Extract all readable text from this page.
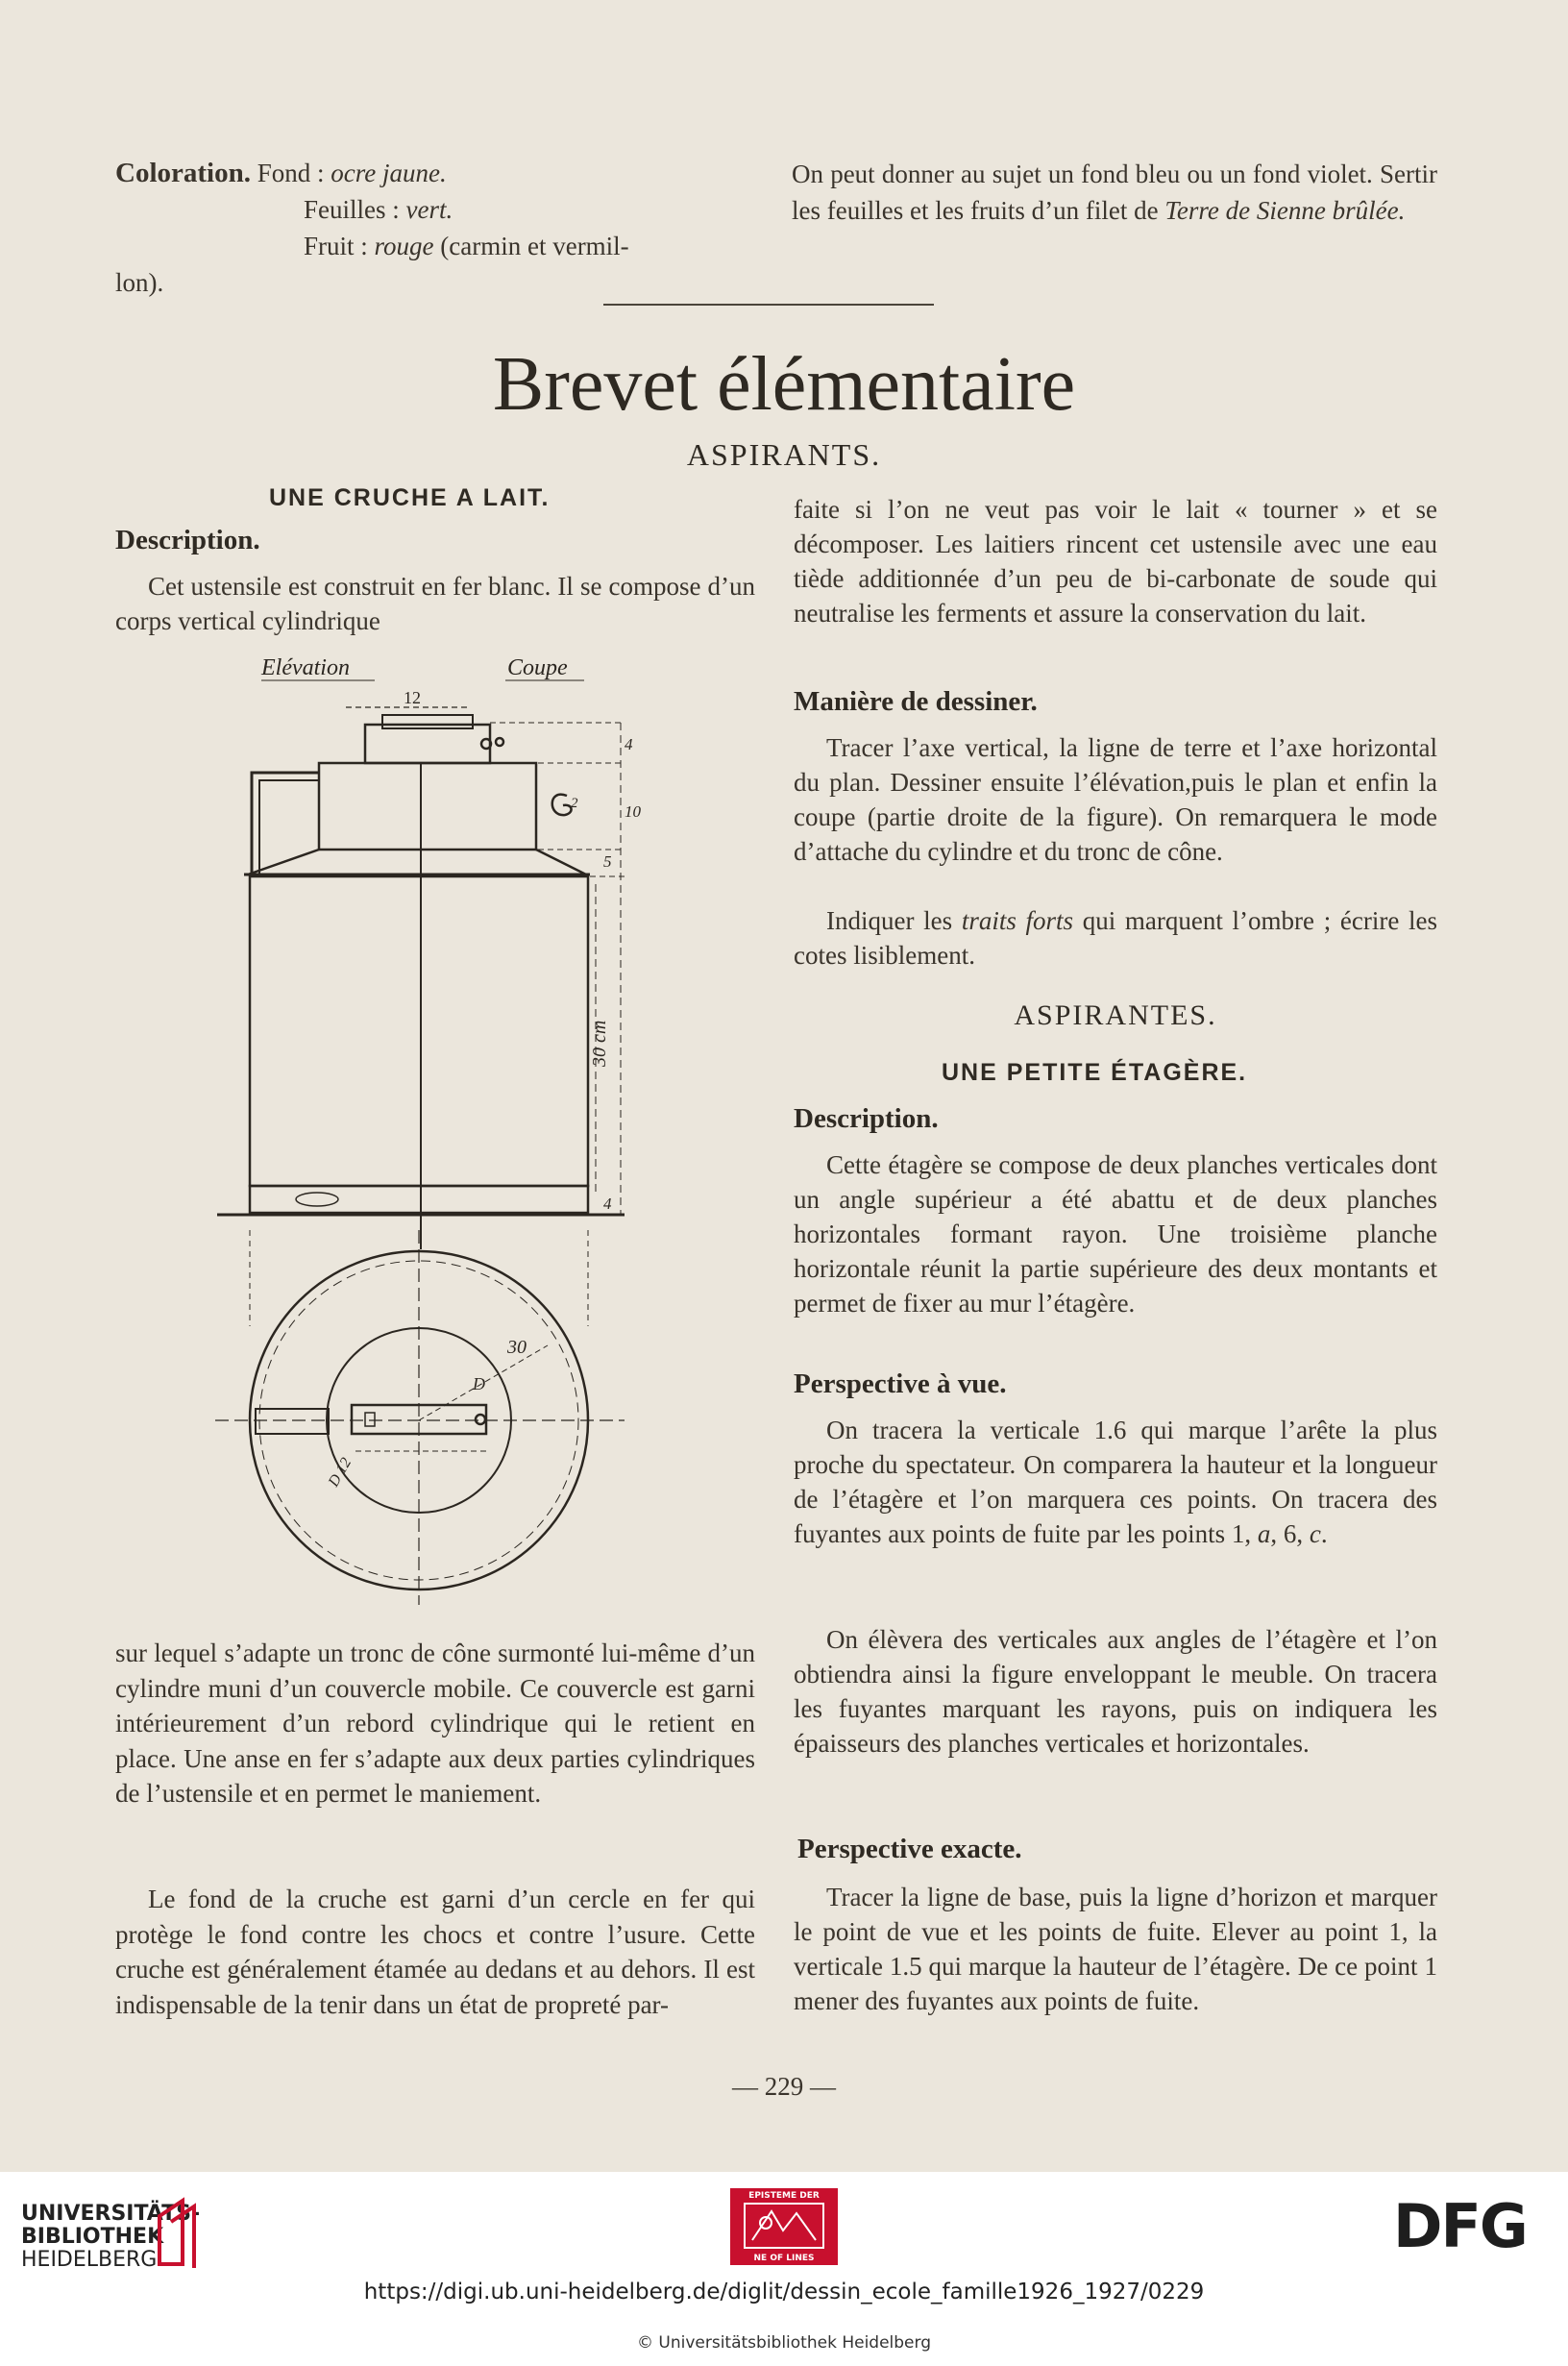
Coloration. Fond : ocre jaune.

Feuilles : vert.

Fruit : rouge (carmin et vermil-

lon).

On peut donner au sujet un fond bleu ou un fond violet. Sertir les feuilles et les fruits d’un filet de Terre de Sienne brûlée.

Brevet élémentaire
ASPIRANTS.
UNE CRUCHE A LAIT.
Description.

Cet ustensile est construit en fer blanc. Il se compose d’un corps vertical cylindrique

Elévation	Coupe
12
4
10
5
2
30 cm
4
30
D
D 12

sur lequel s’adapte un tronc de cône surmonté lui-même d’un cylindre muni d’un couvercle mobile. Ce couvercle est garni intérieurement d’un rebord cylindrique qui le retient en place. Une anse en fer s’adapte aux deux parties cylindriques de l’ustensile et en permet le maniement.

Le fond de la cruche est garni d’un cercle en fer qui protège le fond contre les chocs et contre l’usure. Cette cruche est généralement étamée au dedans et au dehors. Il est indispensable de la tenir dans un état de propreté par-

faite si l’on ne veut pas voir le lait « tourner » et se décomposer. Les laitiers rincent cet ustensile avec une eau tiède additionnée d’un peu de bi-carbonate de soude qui neutralise les ferments et assure la conservation du lait.

Manière de dessiner.

Tracer l’axe vertical, la ligne de terre et l’axe horizontal du plan. Dessiner ensuite l’élévation,puis le plan et enfin la coupe (partie droite de la figure). On remarquera le mode d’attache du cylindre et du tronc de cône.

Indiquer les traits forts qui marquent l’ombre ; écrire les cotes lisiblement.

ASPIRANTES.
UNE PETITE ÉTAGÈRE.
Description.

Cette étagère se compose de deux planches verticales dont un angle supérieur a été abattu et de deux planches horizontales formant rayon. Une troisième planche horizontale réunit la partie supérieure des deux montants et permet de fixer au mur l’étagère.

Perspective à vue.

On tracera la verticale 1.6 qui marque l’arête la plus proche du spectateur. On comparera la hauteur et la longueur de l’étagère et l’on marquera ces points. On tracera des fuyantes aux points de fuite par les points 1, a, 6, c.

On élèvera des verticales aux angles de l’étagère et l’on obtiendra ainsi la figure enveloppant le meuble. On tracera les fuyantes marquant les rayons, puis on indiquera les épaisseurs des planches verticales et horizontales.

Perspective exacte.

Tracer la ligne de base, puis la ligne d’horizon et marquer le point de vue et les points de fuite. Elever au point 1, la verticale 1.5 qui marque la hauteur de l’étagère. De ce point 1 mener des fuyantes aux points de fuite.

— 229 —
UNIVERSITÄTS-
BIBLIOTHEK
HEIDELBERG
EPISTEME DER
NE OF LINES	DFG
https://digi.ub.uni-heidelberg.de/diglit/dessin_ecole_famille1926_1927/0229
© Universitätsbibliothek Heidelberg
